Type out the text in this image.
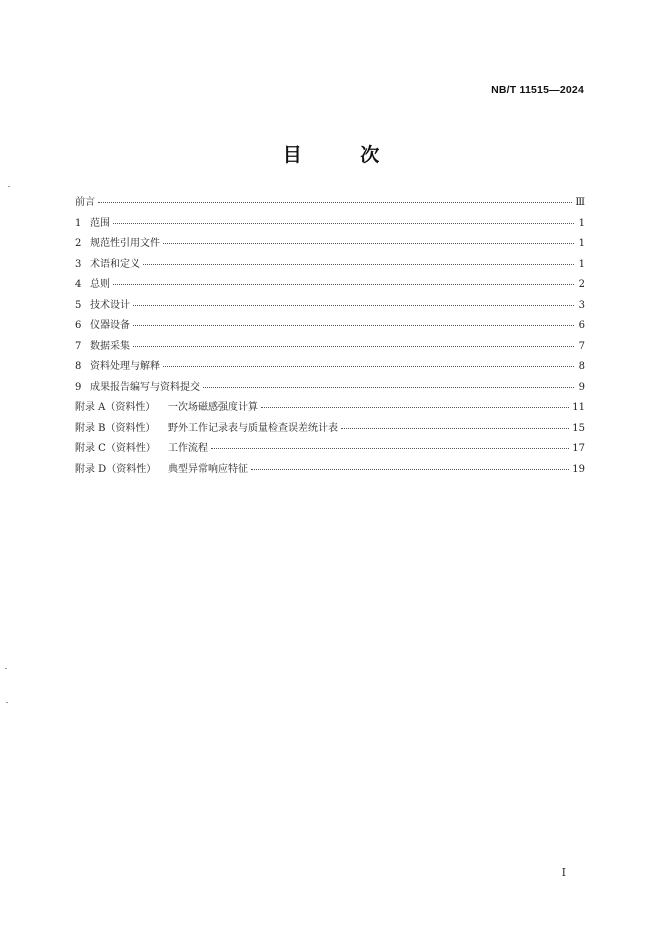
NB/T 11515—2024
目 次
前言	Ⅲ
1 范围	1
2 规范性引用文件	1
3 术语和定义	1
4 总则	2
5 技术设计	3
6 仪器设备	6
7 数据采集	7
8 资料处理与解释	8
9 成果报告编写与资料提交	9
附录 A（资料性）	一次场磁感强度计算	11
附录 B（资料性）	野外工作记录表与质量检查误差统计表	15
附录 C（资料性）	工作流程	17
附录 D（资料性）	典型异常响应特征	19
I
